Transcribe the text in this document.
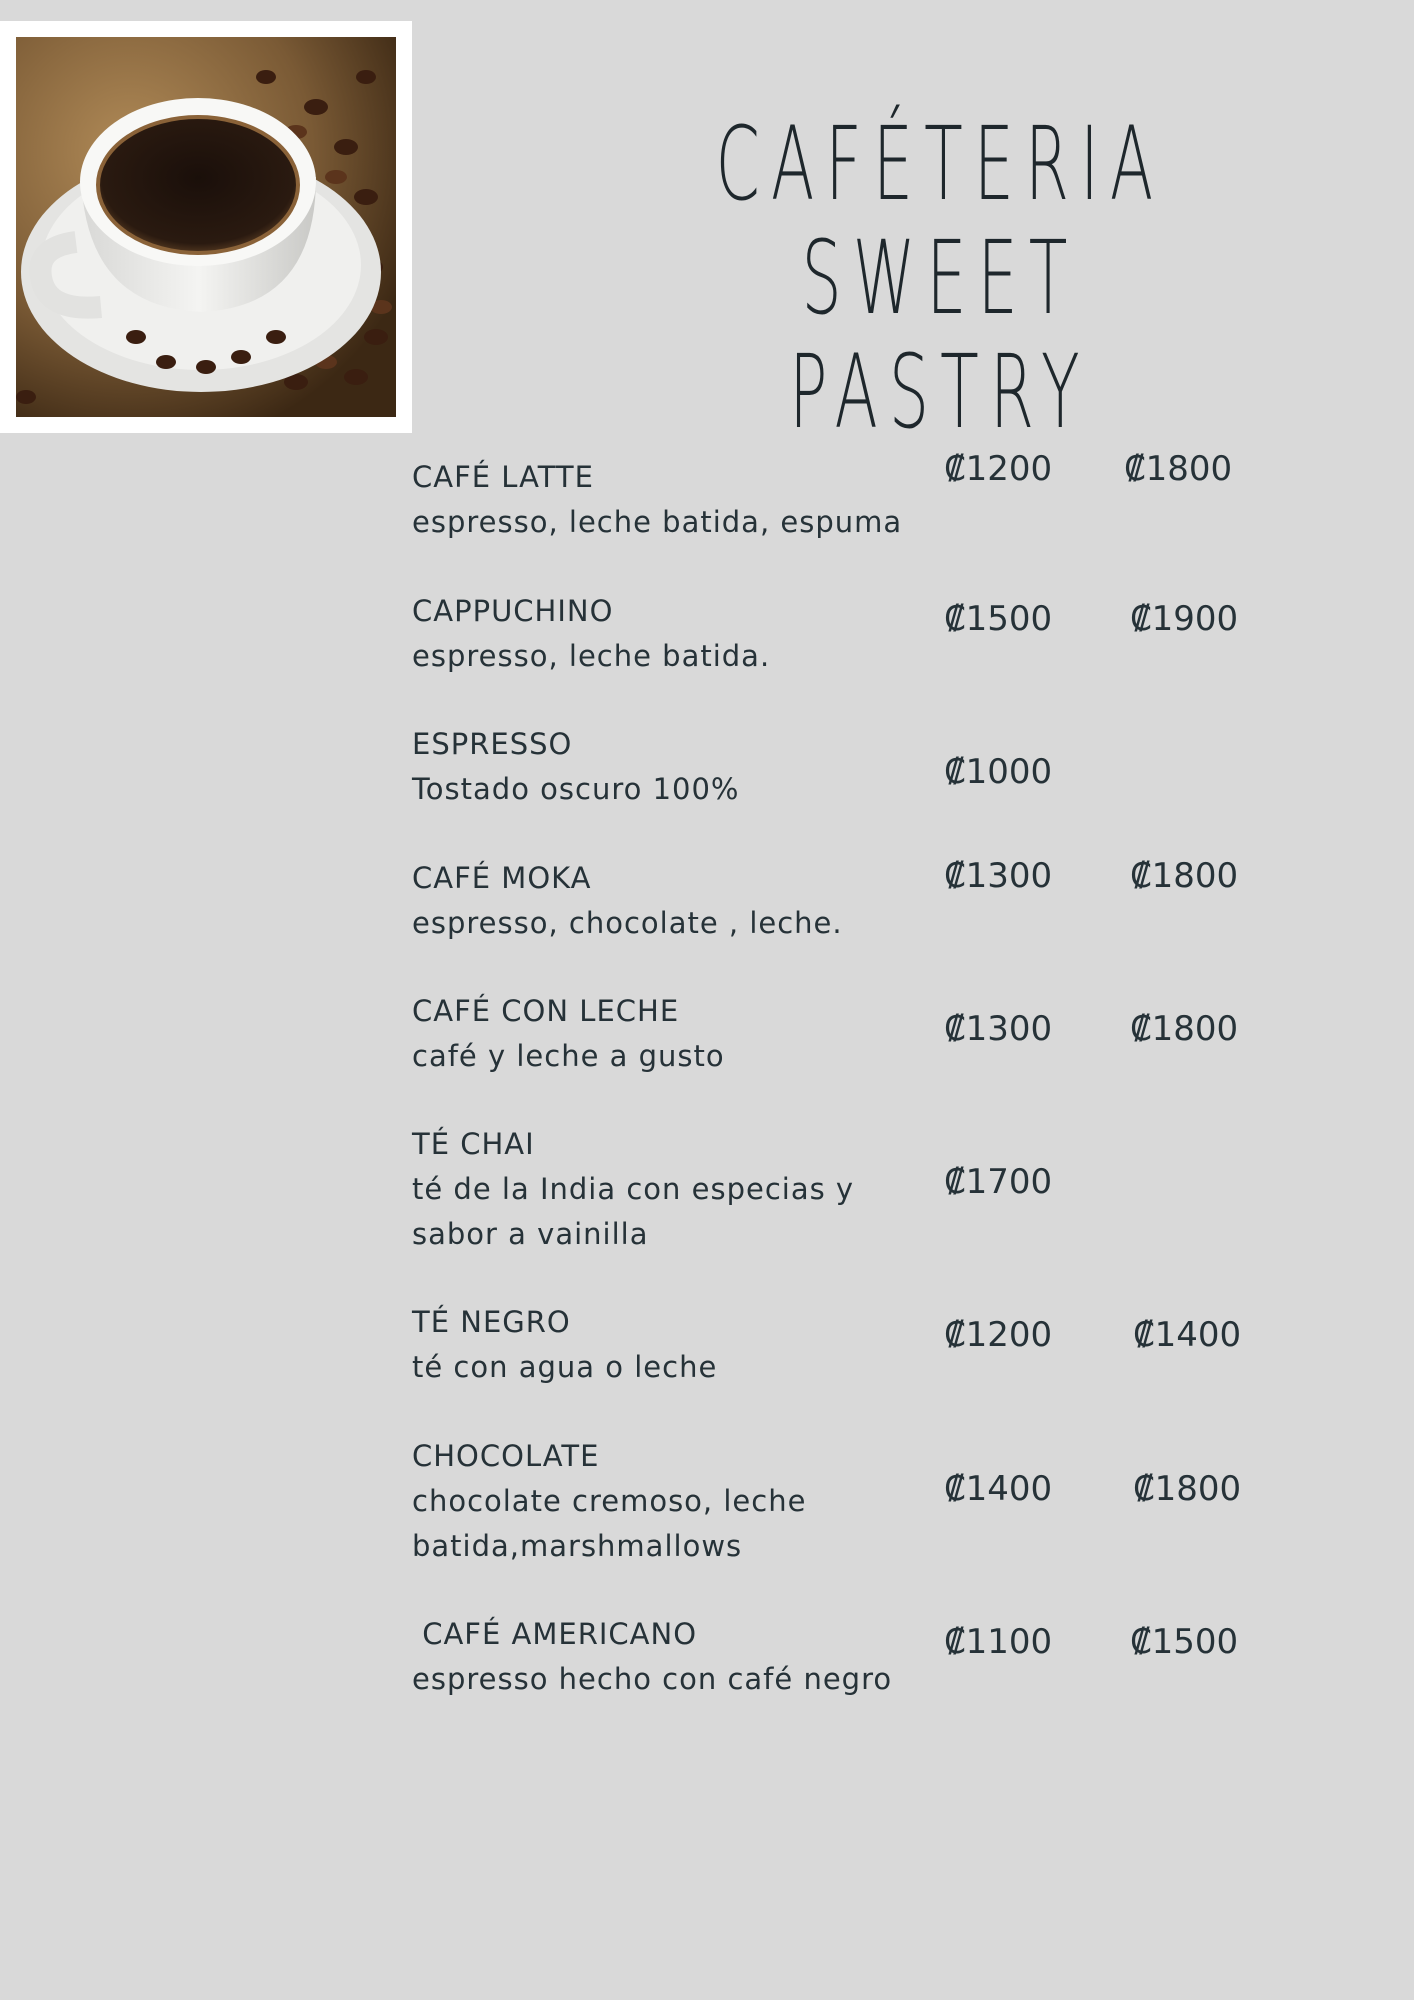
CAFÉTERIA SWEET
PASTRY
CAFÉ LATTE
espresso, leche batida, espuma
₡1200 ₡1800
CAPPUCHINO
espresso, leche batida.
₡1500 ₡1900
ESPRESSO
Tostado oscuro 100%	₡1000
CAFÉ MOKA
espresso, chocolate , leche.
₡1300 ₡1800
CAFÉ CON LECHE
café y leche a gusto
₡1300 ₡1800
TÉ CHAI
té de la India con especias y sabor a vainilla
₡1700
TÉ NEGRO
té con agua o leche
₡1200 ₡1400
CHOCOLATE
chocolate cremoso, leche batida,marshmallows
₡1400 ₡1800
CAFÉ AMERICANO
espresso hecho con café negro
₡1100 ₡1500
